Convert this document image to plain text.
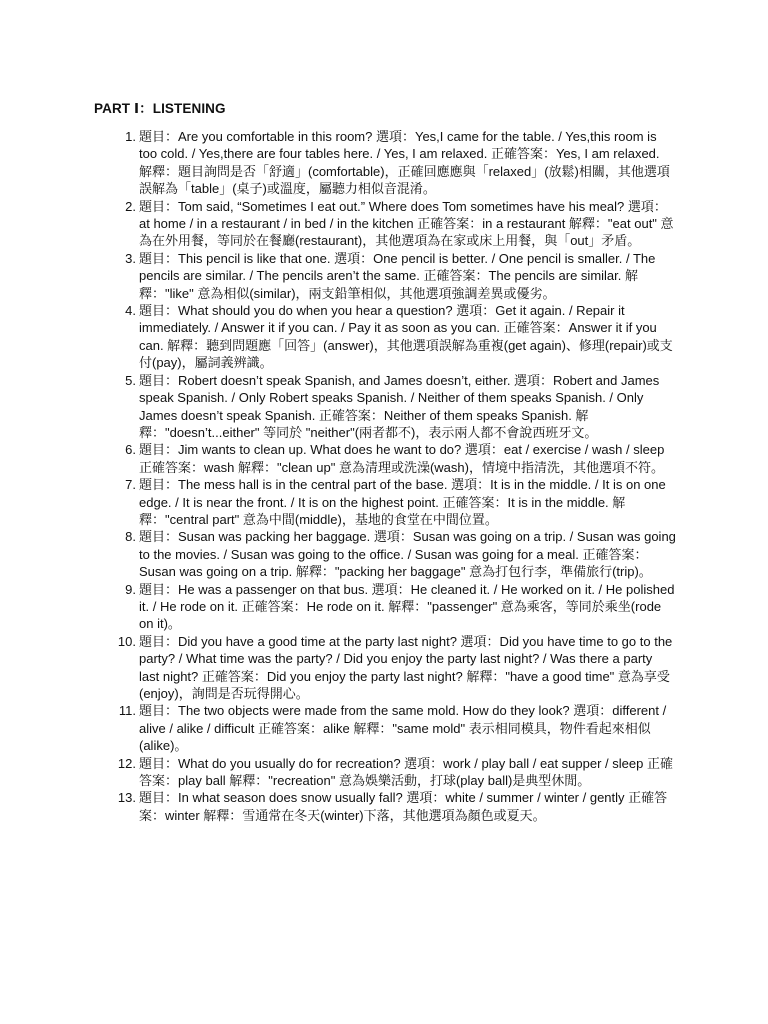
PART Ⅰ：LISTENING
1. 題目：Are you comfortable in this room? 選項：Yes,I came for the table. / Yes,this room is too cold. / Yes,there are four tables here. / Yes, I am relaxed. 正確答案：Yes, I am relaxed. 解釋：題目詢問是否「舒適」(comfortable)，正確回應應與「relaxed」(放鬆)相關，其他選項誤解為「table」(桌子)或溫度，屬聽力相似音混淆。
2. 題目：Tom said, “Sometimes I eat out.” Where does Tom sometimes have his meal? 選項：at home / in a restaurant / in bed / in the kitchen 正確答案：in a restaurant 解釋："eat out" 意為在外用餐，等同於在餐廳(restaurant)，其他選項為在家或床上用餐，與「out」矛盾。
3. 題目：This pencil is like that one. 選項：One pencil is better. / One pencil is smaller. / The pencils are similar. / The pencils aren’t the same. 正確答案：The pencils are similar. 解釋："like" 意為相似(similar)，兩支鉛筆相似，其他選項強調差異或優劣。
4. 題目：What should you do when you hear a question? 選項：Get it again. / Repair it immediately. / Answer it if you can. / Pay it as soon as you can. 正確答案：Answer it if you can. 解釋：聽到問題應「回答」(answer)，其他選項誤解為重複(get again)、修理(repair)或支付(pay)，屬詞義辨識。
5. 題目：Robert doesn’t speak Spanish, and James doesn’t, either. 選項：Robert and James speak Spanish. / Only Robert speaks Spanish. / Neither of them speaks Spanish. / Only James doesn’t speak Spanish. 正確答案：Neither of them speaks Spanish. 解釋："doesn’t...either" 等同於 "neither"(兩者都不)，表示兩人都不會說西班牙文。
6. 題目：Jim wants to clean up. What does he want to do? 選項：eat / exercise / wash / sleep 正確答案：wash 解釋："clean up" 意為清理或洗澡(wash)，情境中指清洗，其他選項不符。
7. 題目：The mess hall is in the central part of the base. 選項：It is in the middle. / It is on one edge. / It is near the front. / It is on the highest point. 正確答案：It is in the middle. 解釋："central part" 意為中間(middle)，基地的食堂在中間位置。
8. 題目：Susan was packing her baggage. 選項：Susan was going on a trip. / Susan was going to the movies. / Susan was going to the office. / Susan was going for a meal. 正確答案：Susan was going on a trip. 解釋："packing her baggage" 意為打包行李，準備旅行(trip)。
9. 題目：He was a passenger on that bus. 選項：He cleaned it. / He worked on it. / He polished it. / He rode on it. 正確答案：He rode on it. 解釋："passenger" 意為乘客，等同於乘坐(rode on it)。
10. 題目：Did you have a good time at the party last night? 選項：Did you have time to go to the party? / What time was the party? / Did you enjoy the party last night? / Was there a party last night? 正確答案：Did you enjoy the party last night? 解釋："have a good time" 意為享受(enjoy)，詢問是否玩得開心。
11. 題目：The two objects were made from the same mold. How do they look? 選項：different / alive / alike / difficult 正確答案：alike 解釋："same mold" 表示相同模具，物件看起來相似(alike)。
12. 題目：What do you usually do for recreation? 選項：work / play ball / eat supper / sleep 正確答案：play ball 解釋："recreation" 意為娛樂活動，打球(play ball)是典型休閒。
13. 題目：In what season does snow usually fall? 選項：white / summer / winter / gently 正確答案：winter 解釋：雪通常在冬天(winter)下落，其他選項為顏色或夏天。
